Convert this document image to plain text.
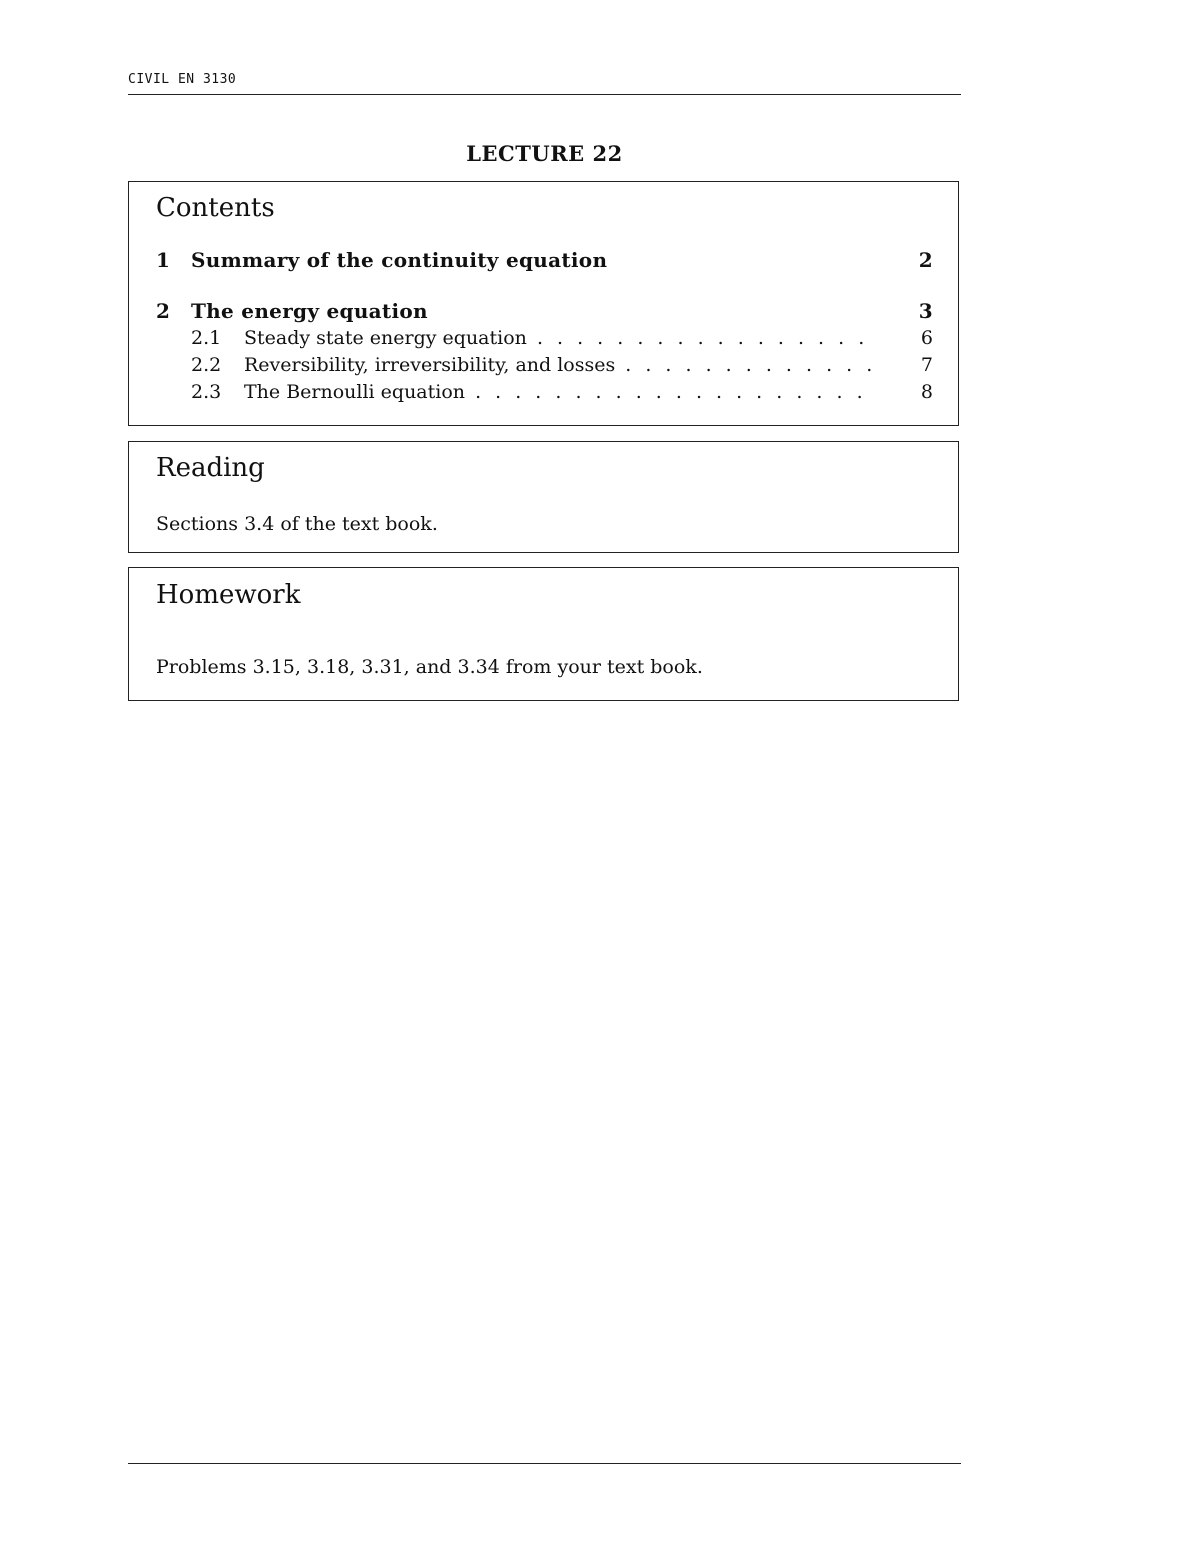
CIVIL EN 3130
LECTURE 22
Contents
1 Summary of the continuity equation	2
2 The energy equation	3
2.1 Steady state energy equation . . .	6
2.2 Reversibility, irreversibility, and losses . . .	7
2.3 The Bernoulli equation . . .	8
Reading
Sections 3.4 of the text book.
Homework
Problems 3.15, 3.18, 3.31, and 3.34 from your text book.
